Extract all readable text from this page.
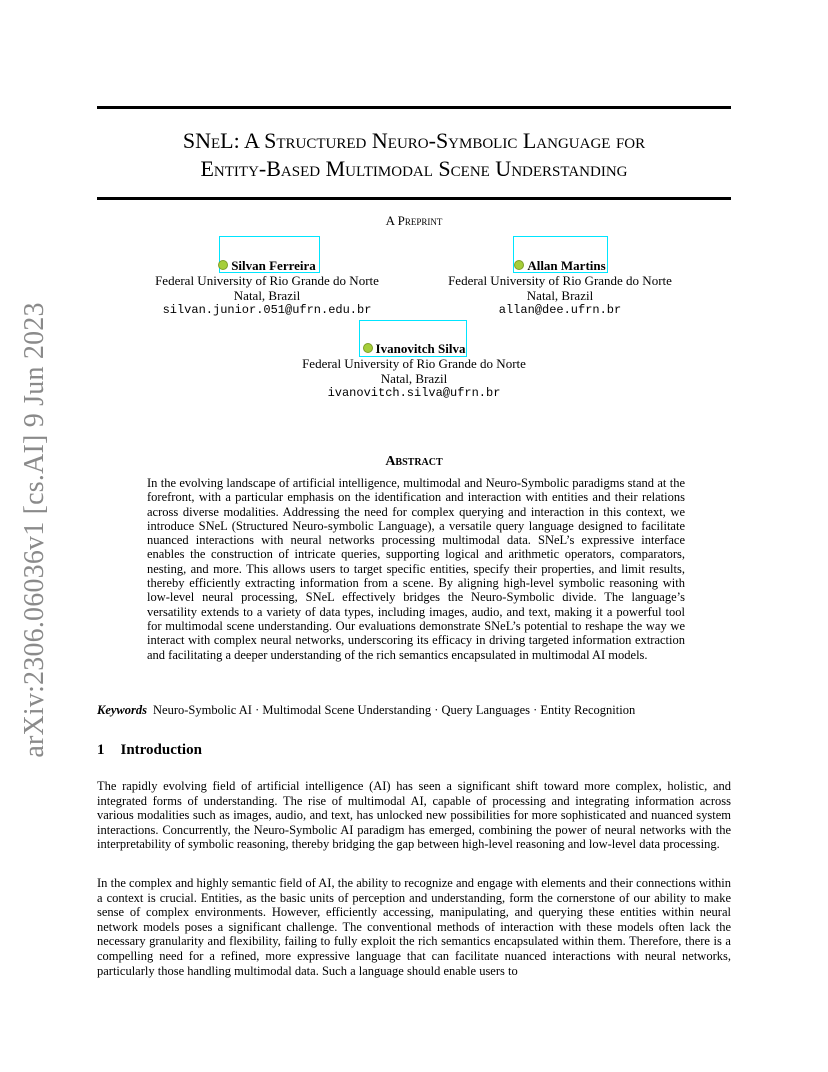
arXiv:2306.06036v1 [cs.AI] 9 Jun 2023
SNeL: A Structured Neuro-Symbolic Language for
Entity-Based Multimodal Scene Understanding
A Preprint
Silvan Ferreira
Federal University of Rio Grande do Norte
Natal, Brazil
silvan.junior.051@ufrn.edu.br
Allan Martins
Federal University of Rio Grande do Norte
Natal, Brazil
allan@dee.ufrn.br
Ivanovitch Silva
Federal University of Rio Grande do Norte
Natal, Brazil
ivanovitch.silva@ufrn.br
Abstract
In the evolving landscape of artificial intelligence, multimodal and Neuro-Symbolic paradigms stand at the forefront, with a particular emphasis on the identification and interaction with entities and their relations across diverse modalities. Addressing the need for complex querying and interaction in this context, we introduce SNeL (Structured Neuro-symbolic Language), a versatile query language designed to facilitate nuanced interactions with neural networks processing multimodal data. SNeL’s expressive interface enables the construction of intricate queries, supporting logical and arithmetic operators, comparators, nesting, and more. This allows users to target specific entities, specify their properties, and limit results, thereby efficiently extracting information from a scene. By aligning high-level symbolic reasoning with low-level neural processing, SNeL effectively bridges the Neuro-Symbolic divide. The language’s versatility extends to a variety of data types, including images, audio, and text, making it a powerful tool for multimodal scene understanding. Our evaluations demonstrate SNeL’s potential to reshape the way we interact with complex neural networks, underscoring its efficacy in driving targeted information extraction and facilitating a deeper understanding of the rich semantics encapsulated in multimodal AI models.
Keywords Neuro-Symbolic AI · Multimodal Scene Understanding · Query Languages · Entity Recognition
1 Introduction
The rapidly evolving field of artificial intelligence (AI) has seen a significant shift toward more complex, holistic, and integrated forms of understanding. The rise of multimodal AI, capable of processing and integrating information across various modalities such as images, audio, and text, has unlocked new possibilities for more sophisticated and nuanced system interactions. Concurrently, the Neuro-Symbolic AI paradigm has emerged, combining the power of neural networks with the interpretability of symbolic reasoning, thereby bridging the gap between high-level reasoning and low-level data processing.
In the complex and highly semantic field of AI, the ability to recognize and engage with elements and their connections within a context is crucial. Entities, as the basic units of perception and understanding, form the cornerstone of our ability to make sense of complex environments. However, efficiently accessing, manipulating, and querying these entities within neural network models poses a significant challenge. The conventional methods of interaction with these models often lack the necessary granularity and flexibility, failing to fully exploit the rich semantics encapsulated within them. Therefore, there is a compelling need for a refined, more expressive language that can facilitate nuanced interactions with neural networks, particularly those handling multimodal data. Such a language should enable users to
